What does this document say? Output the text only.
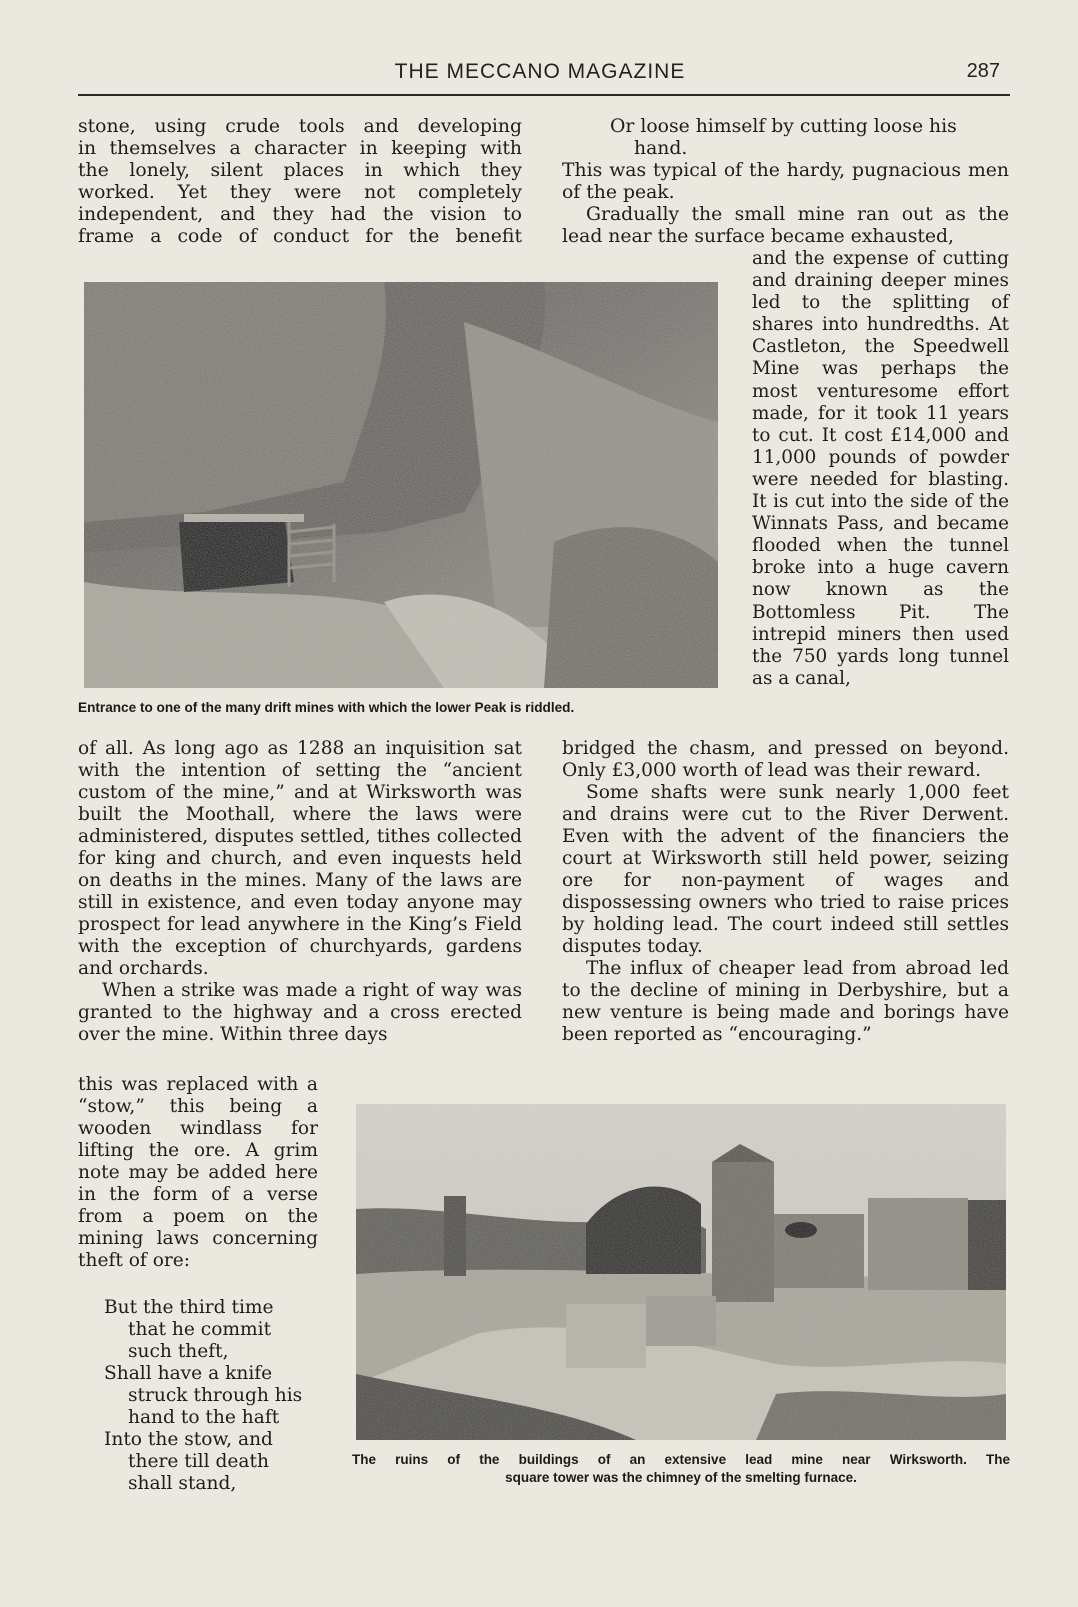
THE MECCANO MAGAZINE	287

stone, using crude tools and developing

in themselves a character in keeping with

the lonely, silent places in which they

worked. Yet they were not completely

independent, and they had the vision to

frame a code of conduct for the benefit

Or loose himself by cutting loose his

hand.

This was typical of the hardy, pugnacious men of the peak.

Gradually the small mine ran out as the lead near the surface became exhausted,

Entrance to one of the many drift mines with which the lower Peak is riddled.
and the expense of cutting and draining deeper mines led to the splitting of shares into hundredths. At Castleton, the Speedwell Mine was perhaps the most venturesome effort made, for it took 11 years to cut. It cost £14,000 and 11,000 pounds of powder were needed for blasting. It is cut into the side of the Winnats Pass, and became flooded when the tunnel broke into a huge cavern now known as the Bottomless Pit. The intrepid miners then used the 750 yards long tunnel as a canal,

of all. As long ago as 1288 an inquisition sat with the intention of setting the “ancient custom of the mine,” and at Wirksworth was built the Moothall, where the laws were administered, disputes settled, tithes collected for king and church, and even inquests held on deaths in the mines. Many of the laws are still in existence, and even today anyone may prospect for lead anywhere in the King’s Field with the exception of churchyards, gardens and orchards.

When a strike was made a right of way was granted to the highway and a cross erected over the mine. Within three days

this was replaced with a “stow,” this being a wooden windlass for lifting the ore. A grim note may be added here in the form of a verse from a poem on the mining laws concerning theft of ore:

But the third time

that he commit

such theft,

Shall have a knife

struck through his

hand to the haft

Into the stow, and

there till death

shall stand,

bridged the chasm, and pressed on beyond. Only £3,000 worth of lead was their reward.

Some shafts were sunk nearly 1,000 feet and drains were cut to the River Derwent. Even with the advent of the financiers the court at Wirksworth still held power, seizing ore for non-payment of wages and dispossessing owners who tried to raise prices by holding lead. The court indeed still settles disputes today.

The influx of cheaper lead from abroad led to the decline of mining in Derbyshire, but a new venture is being made and borings have been reported as “encouraging.”

The ruins of the buildings of an extensive lead mine near Wirksworth. The
square tower was the chimney of the smelting furnace.
